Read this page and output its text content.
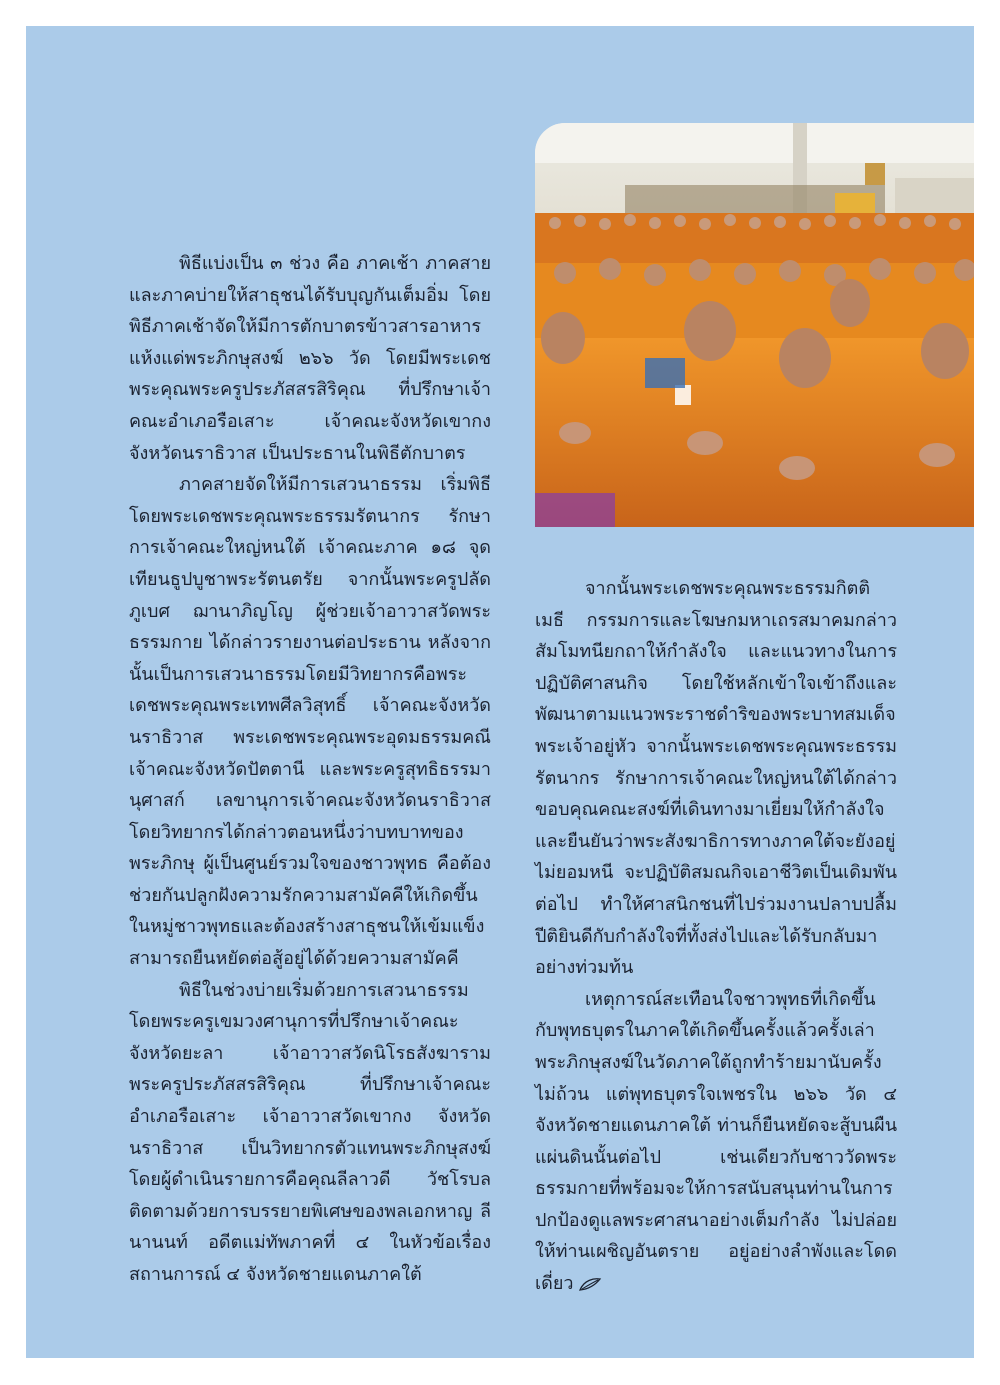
พิธีแบ่งเป็น ๓ ช่วง คือ ภาคเช้า ภาคสายและภาคบ่ายให้สาธุชนได้รับบุญกันเต็มอิ่ม โดยพิธีภาคเช้าจัดให้มีการตักบาตรข้าวสารอาหารแห้งแด่พระภิกษุสงฆ์ ๒๖๖ วัด โดยมีพระเดชพระคุณพระครูประภัสสรสิริคุณ ที่ปรึกษาเจ้าคณะอำเภอรือเสาะ เจ้าคณะจังหวัดเขากง จังหวัดนราธิวาส เป็นประธานในพิธีตักบาตร

ภาคสายจัดให้มีการเสวนาธรรม เริ่มพิธีโดยพระเดชพระคุณพระธรรมรัตนากร รักษาการเจ้าคณะใหญ่หนใต้ เจ้าคณะภาค ๑๘ จุดเทียนธูปบูชาพระรัตนตรัย จากนั้นพระครูปลัดภูเบศ ฌานาภิญโญ ผู้ช่วยเจ้าอาวาสวัดพระธรรมกาย ได้กล่าวรายงานต่อประธาน หลังจากนั้นเป็นการเสวนาธรรมโดยมีวิทยากรคือพระเดชพระคุณพระเทพศีลวิสุทธิ์ เจ้าคณะจังหวัดนราธิวาส พระเดชพระคุณพระอุดมธรรมคณี เจ้าคณะจังหวัดปัตตานี และพระครูสุทธิธรรมานุศาสก์ เลขานุการเจ้าคณะจังหวัดนราธิวาส โดยวิทยากรได้กล่าวตอนหนึ่งว่าบทบาทของพระภิกษุ ผู้เป็นศูนย์รวมใจของชาวพุทธ คือต้องช่วยกันปลูกฝังความรักความสามัคคีให้เกิดขึ้นในหมู่ชาวพุทธและต้องสร้างสาธุชนให้เข้มแข็ง สามารถยืนหยัดต่อสู้อยู่ได้ด้วยความสามัคคี

พิธีในช่วงบ่ายเริ่มด้วยการเสวนาธรรมโดยพระครูเขมวงศานุการที่ปรึกษาเจ้าคณะจังหวัดยะลา เจ้าอาวาสวัดนิโรธสังฆาราม พระครูประภัสสรสิริคุณ ที่ปรึกษาเจ้าคณะอำเภอรือเสาะ เจ้าอาวาสวัดเขากง จังหวัดนราธิวาส เป็นวิทยากรตัวแทนพระภิกษุสงฆ์ โดยผู้ดำเนินรายการคือคุณลีลาวดี วัชโรบล ติดตามด้วยการบรรยายพิเศษของพลเอกหาญ ลีนานนท์ อดีตแม่ทัพภาคที่ ๔ ในหัวข้อเรื่องสถานการณ์ ๔ จังหวัดชายแดนภาคใต้

จากนั้นพระเดชพระคุณพระธรรมกิตติเมธี กรรมการและโฆษกมหาเถรสมาคมกล่าวสัมโมทนียกถาให้กำลังใจ และแนวทางในการปฏิบัติศาสนกิจ โดยใช้หลักเข้าใจเข้าถึงและพัฒนาตามแนวพระราชดำริของพระบาทสมเด็จพระเจ้าอยู่หัว จากนั้นพระเดชพระคุณพระธรรมรัตนากร รักษาการเจ้าคณะใหญ่หนใต้ได้กล่าวขอบคุณคณะสงฆ์ที่เดินทางมาเยี่ยมให้กำลังใจ และยืนยันว่าพระสังฆาธิการทางภาคใต้จะยังอยู่ ไม่ยอมหนี จะปฏิบัติสมณกิจเอาชีวิตเป็นเดิมพันต่อไป ทำให้ศาสนิกชนที่ไปร่วมงานปลาบปลื้มปีติยินดีกับกำลังใจที่ทั้งส่งไปและได้รับกลับมาอย่างท่วมท้น

เหตุการณ์สะเทือนใจชาวพุทธที่เกิดขึ้นกับพุทธบุตรในภาคใต้เกิดขึ้นครั้งแล้วครั้งเล่า พระภิกษุสงฆ์ในวัดภาคใต้ถูกทำร้ายมานับครั้งไม่ถ้วน แต่พุทธบุตรใจเพชรใน ๒๖๖ วัด ๔ จังหวัดชายแดนภาคใต้ ท่านก็ยืนหยัดจะสู้บนผืนแผ่นดินนั้นต่อไป เช่นเดียวกับชาววัดพระธรรมกายที่พร้อมจะให้การสนับสนุนท่านในการปกป้องดูแลพระศาสนาอย่างเต็มกำลัง ไม่ปล่อยให้ท่านเผชิญอันตราย อยู่อย่างลำพังและโดดเดี่ยว
